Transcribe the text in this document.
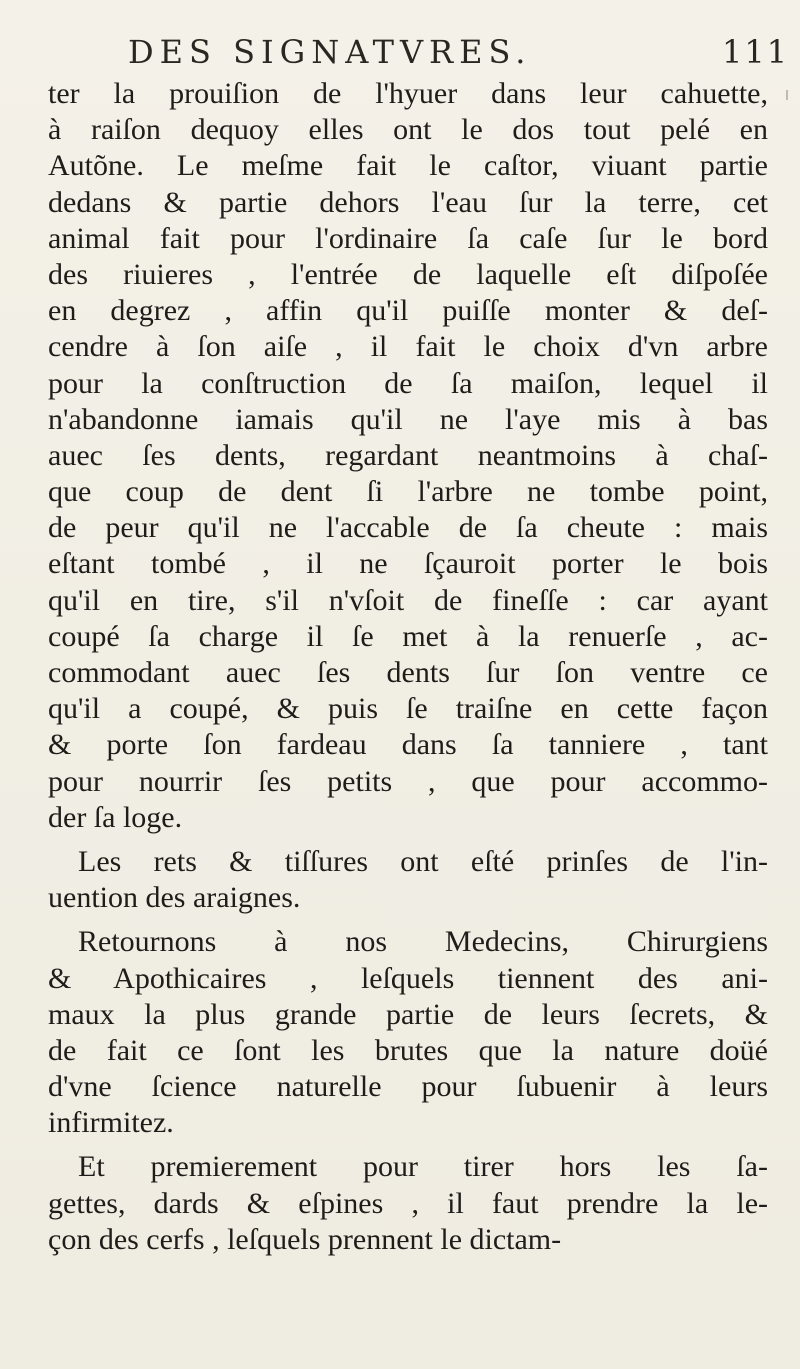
DES SIGNATVRES.	111
ter la prouiſion de l'hyuer dans leur cahuette,
à raiſon dequoy elles ont le dos tout pelé en
Autõne. Le meſme fait le caſtor, viuant partie
dedans & partie dehors l'eau ſur la terre, cet
animal fait pour l'ordinaire ſa caſe ſur le bord
des riuieres , l'entrée de laquelle eſt diſpoſée
en degrez , affin qu'il puiſſe monter & deſ-
cendre à ſon aiſe , il fait le choix d'vn arbre
pour la conſtruction de ſa maiſon, lequel il
n'abandonne iamais qu'il ne l'aye mis à bas
auec ſes dents, regardant neantmoins à chaſ-
que coup de dent ſi l'arbre ne tombe point,
de peur qu'il ne l'accable de ſa cheute : mais
eſtant tombé , il ne ſçauroit porter le bois
qu'il en tire, s'il n'vſoit de fineſſe : car ayant
coupé ſa charge il ſe met à la renuerſe , ac-
commodant auec ſes dents ſur ſon ventre ce
qu'il a coupé, & puis ſe traiſne en cette façon
& porte ſon fardeau dans ſa tanniere , tant
pour nourrir ſes petits , que pour accommo-
der ſa loge.
Les rets & tiſſures ont eſté prinſes de l'in-
uention des araignes.
Retournons à nos Medecins, Chirurgiens
& Apothicaires , leſquels tiennent des ani-
maux la plus grande partie de leurs ſecrets, &
de fait ce ſont les brutes que la nature doüé
d'vne ſcience naturelle pour ſubuenir à leurs
infirmitez.
Et premierement pour tirer hors les ſa-
gettes, dards & eſpines , il faut prendre la le-
çon des cerfs , leſquels prennent le dictam-
